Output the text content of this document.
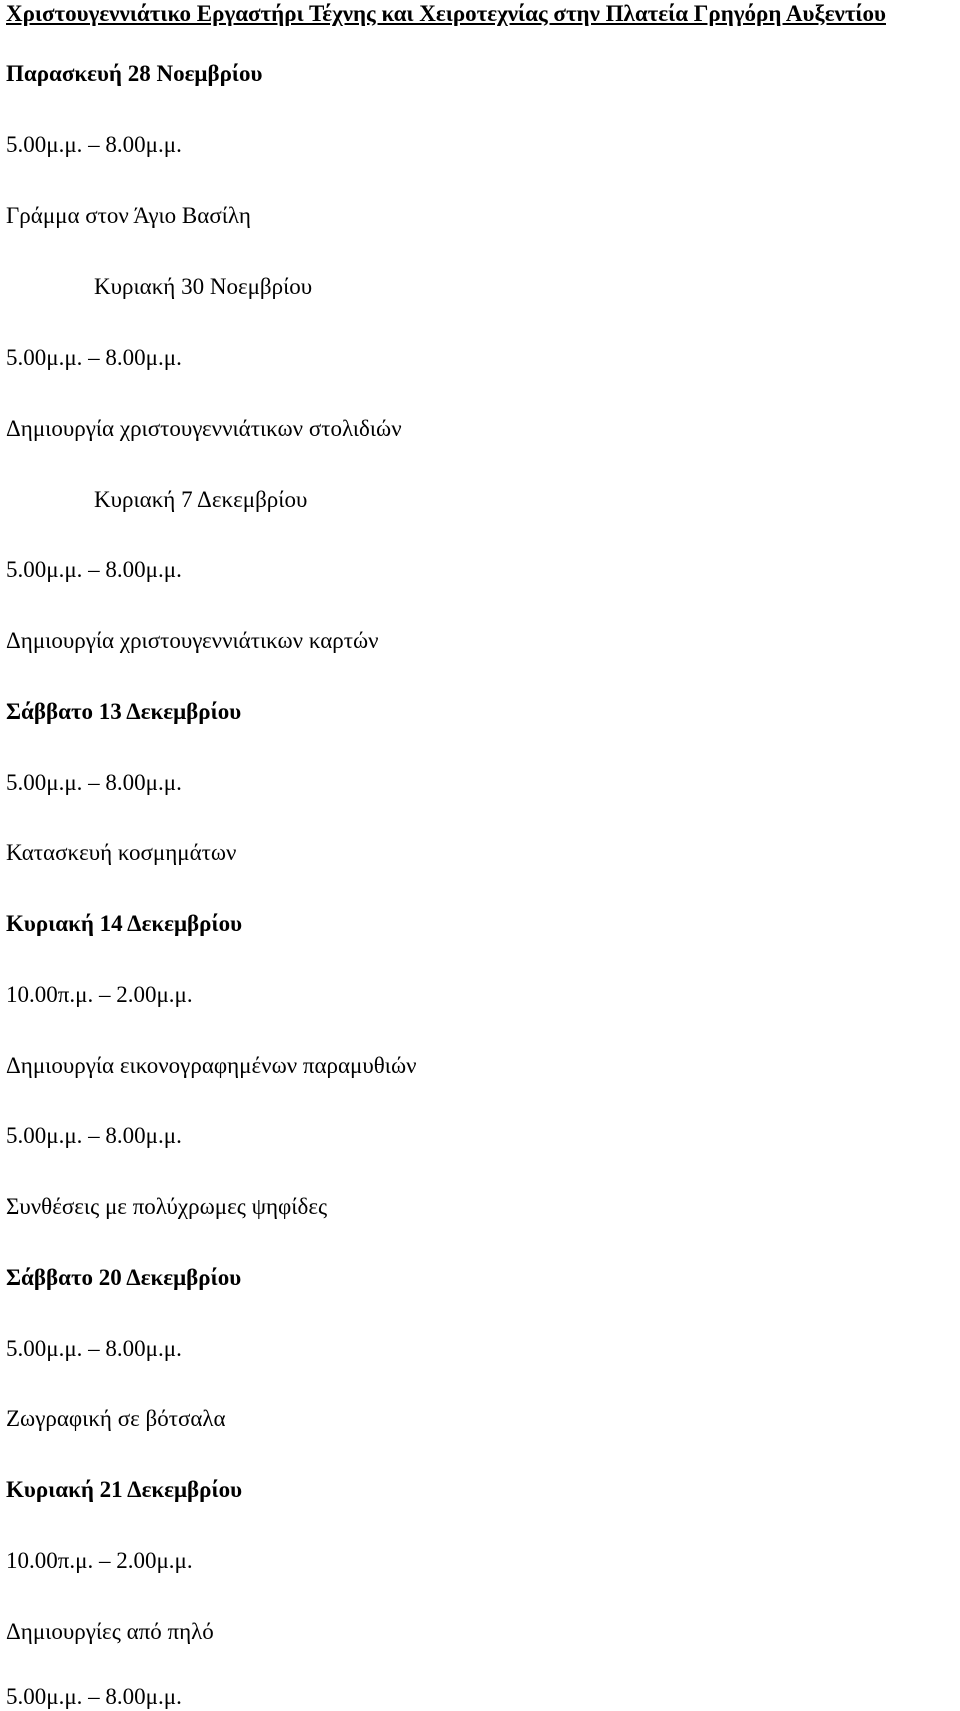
Χριστουγεννιάτικο Εργαστήρι Τέχνης και Χειροτεχνίας στην Πλατεία Γρηγόρη Αυξεντίου

Παρασκευή 28 Νοεμβρίου

5.00μ.μ. – 8.00μ.μ.

Γράμμα στον Άγιο Βασίλη

Κυριακή 30 Νοεμβρίου

5.00μ.μ. – 8.00μ.μ.

Δημιουργία χριστουγεννιάτικων στολιδιών

Κυριακή 7 Δεκεμβρίου

5.00μ.μ. – 8.00μ.μ.

Δημιουργία χριστουγεννιάτικων καρτών

Σάββατο 13 Δεκεμβρίου

5.00μ.μ. – 8.00μ.μ.

Κατασκευή κοσμημάτων

Κυριακή 14 Δεκεμβρίου

10.00π.μ. – 2.00μ.μ.

Δημιουργία εικονογραφημένων παραμυθιών

5.00μ.μ. – 8.00μ.μ.

Συνθέσεις με πολύχρωμες ψηφίδες

Σάββατο 20 Δεκεμβρίου

5.00μ.μ. – 8.00μ.μ.

Ζωγραφική σε βότσαλα

Κυριακή 21 Δεκεμβρίου

10.00π.μ. – 2.00μ.μ.

Δημιουργίες από πηλό

5.00μ.μ. – 8.00μ.μ.
